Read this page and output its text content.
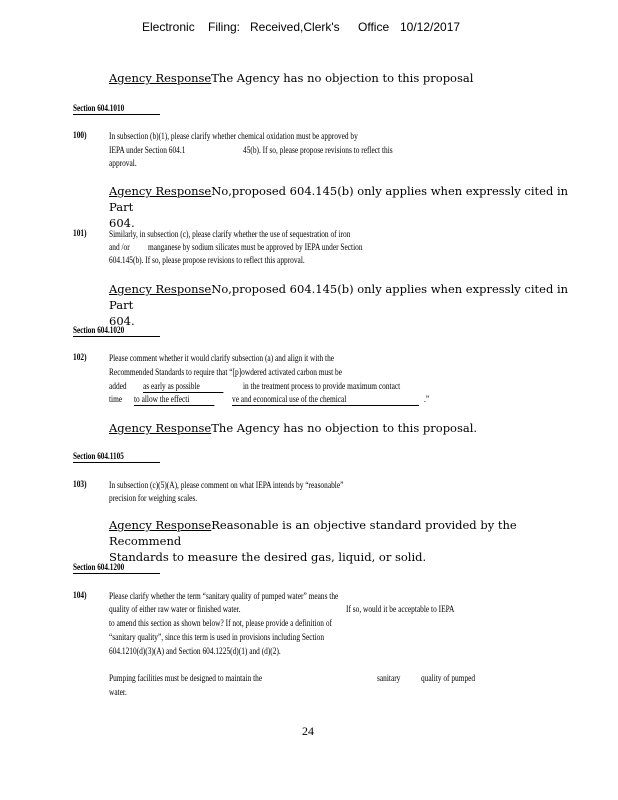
Electronic Filing: Received,Clerk's Office 10/12/2017
Agency ResponseThe Agency has no objection to this proposal
Section 604.1010
100) In subsection (b)(1), please clarify whether chemical oxidation must be approved by
IEPA under Section 604.1	45(b). If so, please propose revisions to reflect this
approval.
Agency ResponseNo,proposed 604.145(b) only applies when expressly cited in Part
604.
101) Similarly, in subsection (c), please clarify whether the use of sequestration of iron
and /or manganese by sodium silicates must be approved by IEPA under Section
604.145(b). If so, please propose revisions to reflect this approval.
Agency ResponseNo,proposed 604.145(b) only applies when expressly cited in Part
604.
Section 604.1020
102) Please comment whether it would clarify subsection (a) and align it with the
Recommended Standards to require that “[p]owdered activated carbon must be
added as early as possible	in the treatment process to provide maximum contact
time to allow the effecti	ve and economical use of the chemical	.”
Agency ResponseThe Agency has no objection to this proposal.
Section 604.1105
103) In subsection (c)(5)(A), please comment on what IEPA intends by “reasonable”
precision for weighing scales.
Agency ResponseReasonable is an objective standard provided by the Recommend
Standards to measure the desired gas, liquid, or solid.
Section 604.1200
104) Please clarify whether the term “sanitary quality of pumped water” means the
quality of either raw water or finished water.	If so, would it be acceptable to IEPA
to amend this section as shown below? If not, please provide a definition of
“sanitary quality”, since this term is used in provisions including Section
604.1210(d)(3)(A) and Section 604.1225(d)(1) and (d)(2).
Pumping facilities must be designed to maintain the	sanitary quality of pumped
water.
24
